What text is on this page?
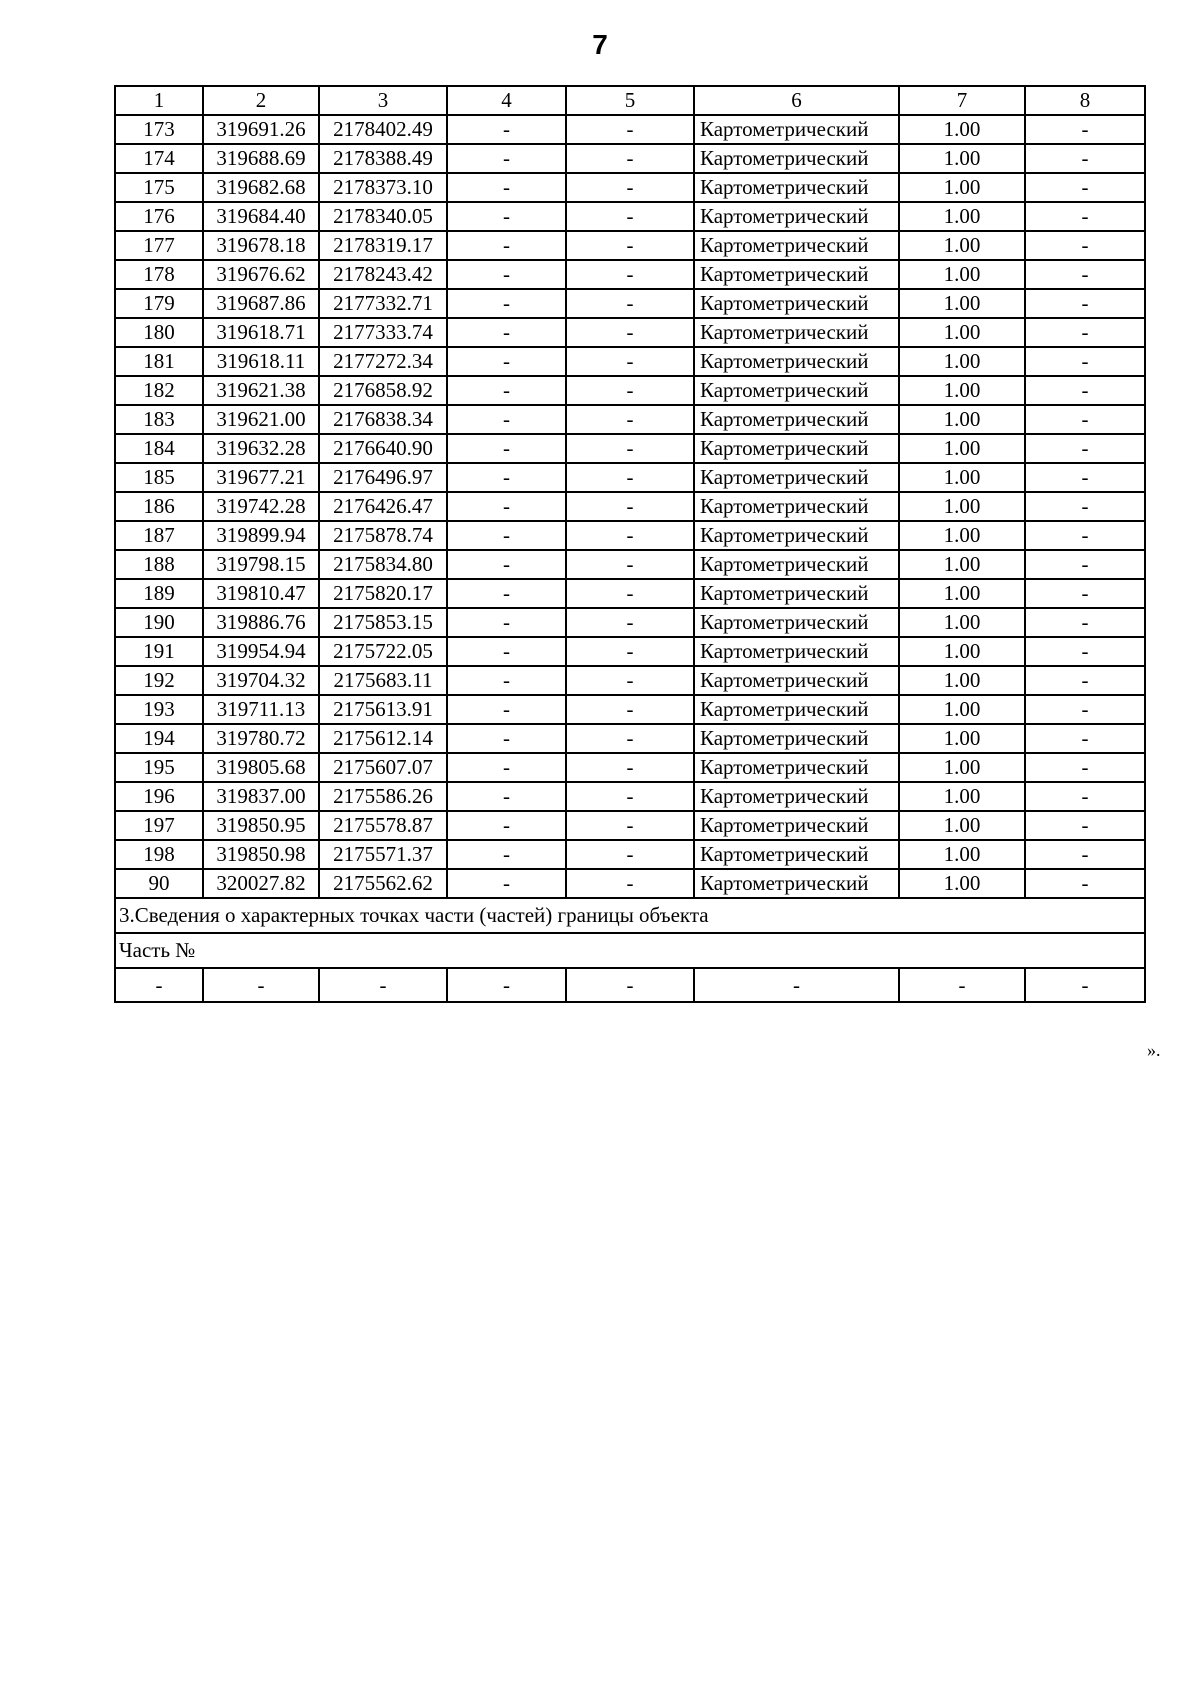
7
1	2	3	4	5	6	7	8
173	319691.26	2178402.49	-	-	Картометрический	1.00	-
174	319688.69	2178388.49	-	-	Картометрический	1.00	-
175	319682.68	2178373.10	-	-	Картометрический	1.00	-
176	319684.40	2178340.05	-	-	Картометрический	1.00	-
177	319678.18	2178319.17	-	-	Картометрический	1.00	-
178	319676.62	2178243.42	-	-	Картометрический	1.00	-
179	319687.86	2177332.71	-	-	Картометрический	1.00	-
180	319618.71	2177333.74	-	-	Картометрический	1.00	-
181	319618.11	2177272.34	-	-	Картометрический	1.00	-
182	319621.38	2176858.92	-	-	Картометрический	1.00	-
183	319621.00	2176838.34	-	-	Картометрический	1.00	-
184	319632.28	2176640.90	-	-	Картометрический	1.00	-
185	319677.21	2176496.97	-	-	Картометрический	1.00	-
186	319742.28	2176426.47	-	-	Картометрический	1.00	-
187	319899.94	2175878.74	-	-	Картометрический	1.00	-
188	319798.15	2175834.80	-	-	Картометрический	1.00	-
189	319810.47	2175820.17	-	-	Картометрический	1.00	-
190	319886.76	2175853.15	-	-	Картометрический	1.00	-
191	319954.94	2175722.05	-	-	Картометрический	1.00	-
192	319704.32	2175683.11	-	-	Картометрический	1.00	-
193	319711.13	2175613.91	-	-	Картометрический	1.00	-
194	319780.72	2175612.14	-	-	Картометрический	1.00	-
195	319805.68	2175607.07	-	-	Картометрический	1.00	-
196	319837.00	2175586.26	-	-	Картометрический	1.00	-
197	319850.95	2175578.87	-	-	Картометрический	1.00	-
198	319850.98	2175571.37	-	-	Картометрический	1.00	-
90	320027.82	2175562.62	-	-	Картометрический	1.00	-
3.Сведения о характерных точках части (частей) границы объекта							
Часть №							
-	-	-	-	-	-	-	-
».
